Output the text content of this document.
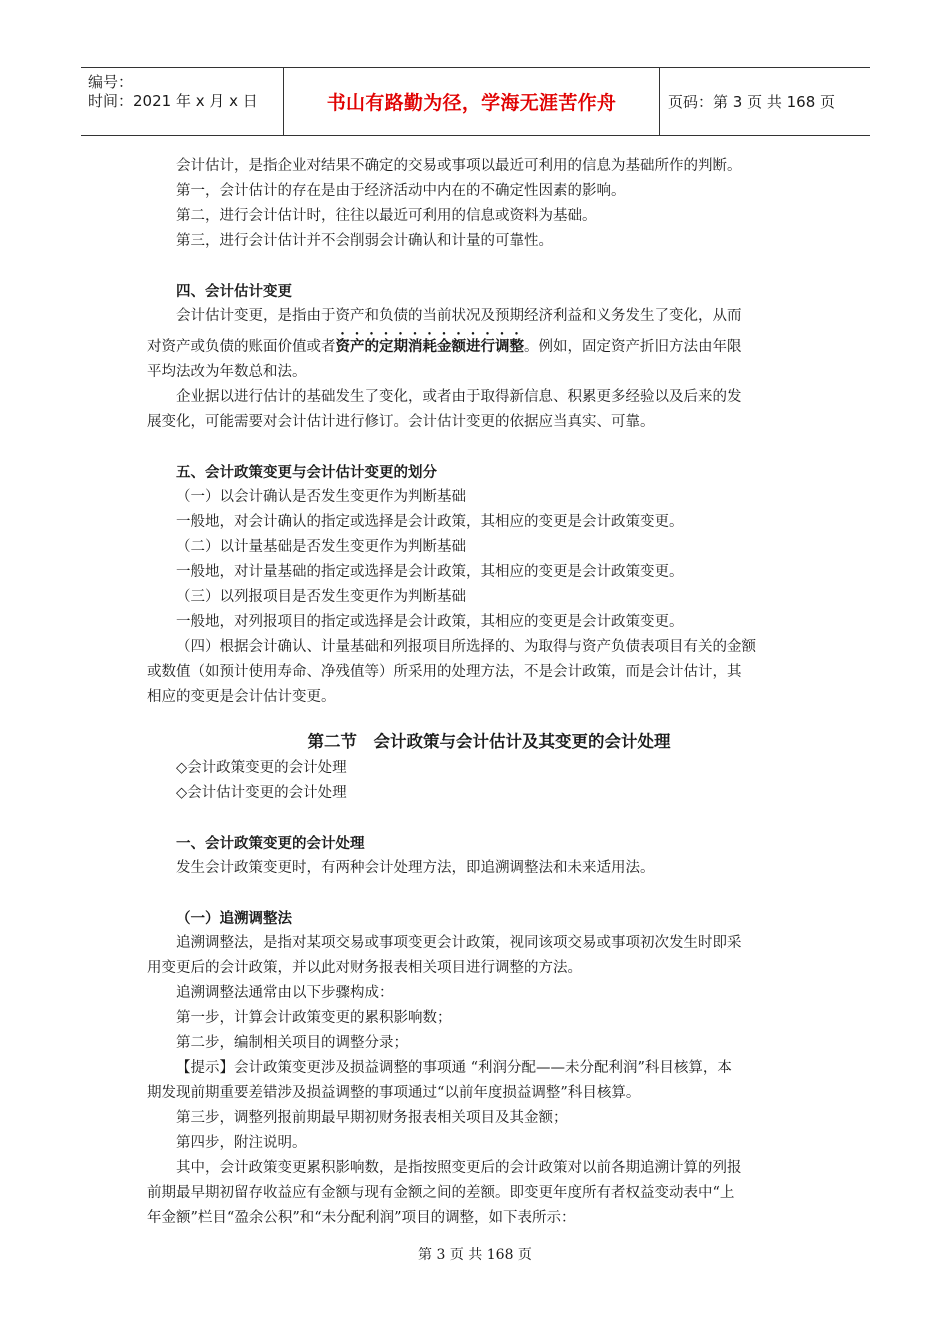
编号：
时间：2021 年 x 月 x 日	书山有路勤为径，学海无涯苦作舟	页码：第 3 页 共 168 页
会计估计，是指企业对结果不确定的交易或事项以最近可利用的信息为基础所作的判断。
第一，会计估计的存在是由于经济活动中内在的不确定性因素的影响。
第二，进行会计估计时，往往以最近可利用的信息或资料为基础。
第三，进行会计估计并不会削弱会计确认和计量的可靠性。
四、会计估计变更
会计估计变更，是指由于资产和负债的当前状况及预期经济利益和义务发生了变化，从而
对资产或负债的账面价值或者资产的定期消耗金额进行调整。例如，固定资产折旧方法由年限
平均法改为年数总和法。
企业据以进行估计的基础发生了变化，或者由于取得新信息、积累更多经验以及后来的发
展变化，可能需要对会计估计进行修订。会计估计变更的依据应当真实、可靠。
五、会计政策变更与会计估计变更的划分
（一）以会计确认是否发生变更作为判断基础
一般地，对会计确认的指定或选择是会计政策，其相应的变更是会计政策变更。
（二）以计量基础是否发生变更作为判断基础
一般地，对计量基础的指定或选择是会计政策，其相应的变更是会计政策变更。
（三）以列报项目是否发生变更作为判断基础
一般地，对列报项目的指定或选择是会计政策，其相应的变更是会计政策变更。
（四）根据会计确认、计量基础和列报项目所选择的、为取得与资产负债表项目有关的金额
或数值（如预计使用寿命、净残值等）所采用的处理方法，不是会计政策，而是会计估计，其
相应的变更是会计估计变更。
第二节　会计政策与会计估计及其变更的会计处理
◇会计政策变更的会计处理
◇会计估计变更的会计处理
一、会计政策变更的会计处理
发生会计政策变更时，有两种会计处理方法，即追溯调整法和未来适用法。
（一）追溯调整法
追溯调整法，是指对某项交易或事项变更会计政策，视同该项交易或事项初次发生时即采
用变更后的会计政策，并以此对财务报表相关项目进行调整的方法。
追溯调整法通常由以下步骤构成：
第一步，计算会计政策变更的累积影响数；
第二步，编制相关项目的调整分录；
【提示】会计政策变更涉及损益调整的事项通 “利润分配——未分配利润”科目核算，本
期发现前期重要差错涉及损益调整的事项通过“以前年度损益调整”科目核算。
第三步，调整列报前期最早期初财务报表相关项目及其金额；
第四步，附注说明。
其中，会计政策变更累积影响数，是指按照变更后的会计政策对以前各期追溯计算的列报
前期最早期初留存收益应有金额与现有金额之间的差额。即变更年度所有者权益变动表中“上
年金额”栏目“盈余公积”和“未分配利润”项目的调整，如下表所示：
第 3 页 共 168 页
